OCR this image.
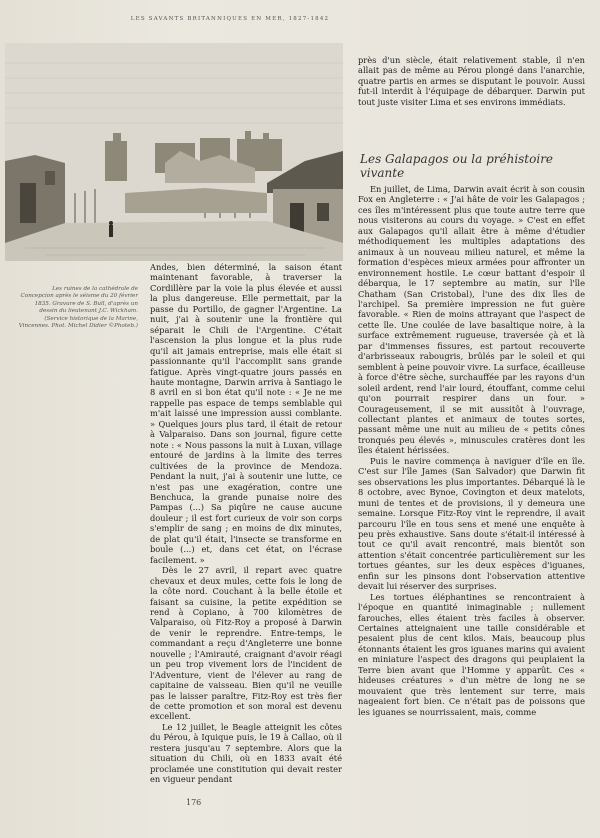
LES SAVANTS BRITANNIQUES EN MER, 1827-1842
Les ruines de la cathédrale de Concepcion après le séisme du 20 février 1835. Gravure de S. Bull, d'après un dessin du lieutenant J.C. Wickham. (Service historique de la Marine, Vincennes. Phot. Michel Didier ©Photeb.)

Andes, bien déterminé, la saison étant maintenant favorable, à traverser la Cordillère par la voie la plus élevée et aussi la plus dangereuse. Elle permettait, par la passe du Portillo, de gagner l'Argentine. La nuit, j'ai à soutenir une la frontière qui séparait le Chili de l'Argentine. C'était l'ascension la plus longue et la plus rude qu'il ait jamais entreprise, mais elle était si passionnante qu'il l'accomplit sans grande fatigue. Après vingt-quatre jours passés en haute montagne, Darwin arriva à Santiago le 8 avril en si bon état qu'il note : « Je ne me rappelle pas espace de temps semblable qui m'ait laissé une impression aussi comblante. » Quelques jours plus tard, il était de retour à Valparaiso. Dans son journal, figure cette note : « Nous passons la nuit à Luxan, village entouré de jardins à la limite des terres cultivées de la province de Mendoza. Pendant la nuit, j'ai à soutenir une lutte, ce n'est pas une exagération, contre une Benchuca, la grande punaise noire des Pampas (...) Sa piqûre ne cause aucune douleur ; il est fort curieux de voir son corps s'emplir de sang ; en moins de dix minutes, de plat qu'il était, l'insecte se transforme en boule (...) et, dans cet état, on l'écrase facilement. »

Dès le 27 avril, il repart avec quatre chevaux et deux mules, cette fois le long de la côte nord. Couchant à la belle étoile et faisant sa cuisine, la petite expédition se rend à Copiano, à 700 kilomètres de Valparaiso, où Fitz-Roy a proposé à Darwin de venir le reprendre. Entre-temps, le commandant a reçu d'Angleterre une bonne nouvelle ; l'Amirauté, craignant d'avoir réagi un peu trop vivement lors de l'incident de l'Adventure, vient de l'élever au rang de capitaine de vaisseau. Bien qu'il ne veuille pas le laisser paraître, Fitz-Roy est très fier de cette promotion et son moral est devenu excellent.

Le 12 juillet, le Beagle atteignit les côtes du Pérou, à Iquique puis, le 19 à Callao, où il restera jusqu'au 7 septembre. Alors que la situation du Chili, où en 1833 avait été proclamée une constitution qui devait rester en vigueur pendant

près d'un siècle, était relativement stable, il n'en allait pas de même au Pérou plongé dans l'anarchie, quatre partis en armes se disputant le pouvoir. Aussi fut-il interdit à l'équipage de débarquer. Darwin put tout juste visiter Lima et ses environs immédiats.

Les Galapagos ou la préhistoire vivante

En juillet, de Lima, Darwin avait écrit à son cousin Fox en Angleterre : « J'ai hâte de voir les Galapagos ; ces îles m'intéressent plus que toute autre terre que nous visiterons au cours du voyage. » C'est en effet aux Galapagos qu'il allait être à même d'étudier méthodiquement les multiples adaptations des animaux à un nouveau milieu naturel, et même la formation d'espèces mieux armées pour affronter un environnement hostile. Le cœur battant d'espoir il débarqua, le 17 septembre au matin, sur l'île Chatham (San Cristobal), l'une des dix îles de l'archipel. Sa première impression ne fut guère favorable. « Rien de moins attrayant que l'aspect de cette île. Une coulée de lave basaltique noire, à la surface extrêmement rugueuse, traversée çà et là par d'immenses fissures, est partout recouverte d'arbrisseaux rabougris, brûlés par le soleil et qui semblent à peine pouvoir vivre. La surface, écailleuse à force d'être sèche, surchauffée par les rayons d'un soleil ardent, rend l'air lourd, étouffant, comme celui qu'on pourrait respirer dans un four. » Courageusement, il se mit aussitôt à l'ouvrage, collectant plantes et animaux de toutes sortes, passant même une nuit au milieu de « petits cônes tronqués peu élevés », minuscules cratères dont les îles étaient hérissées.

Puis le navire commença à naviguer d'île en île. C'est sur l'île James (San Salvador) que Darwin fit ses observations les plus importantes. Débarqué là le 8 octobre, avec Bynoe, Covington et deux matelots, muni de tentes et de provisions, il y demeura une semaine. Lorsque Fitz-Roy vint le reprendre, il avait parcouru l'île en tous sens et mené une enquête à peu près exhaustive. Sans doute s'était-il intéressé à tout ce qu'il avait rencontré, mais bientôt son attention s'était concentrée particulièrement sur les tortues géantes, sur les deux espèces d'iguanes, enfin sur les pinsons dont l'observation attentive devait lui réserver des surprises.

Les tortues éléphantines se rencontraient à l'époque en quantité inimaginable ; nullement farouches, elles étaient très faciles à observer. Certaines atteignaient une taille considérable et pesaient plus de cent kilos. Mais, beaucoup plus étonnants étaient les gros iguanes marins qui avaient en miniature l'aspect des dragons qui peuplaient la Terre bien avant que l'Homme y apparût. Ces « hideuses créatures » d'un mètre de long ne se mouvaient que très lentement sur terre, mais nageaient fort bien. Ce n'était pas de poissons que les iguanes se nourrissaient, mais, comme

176
